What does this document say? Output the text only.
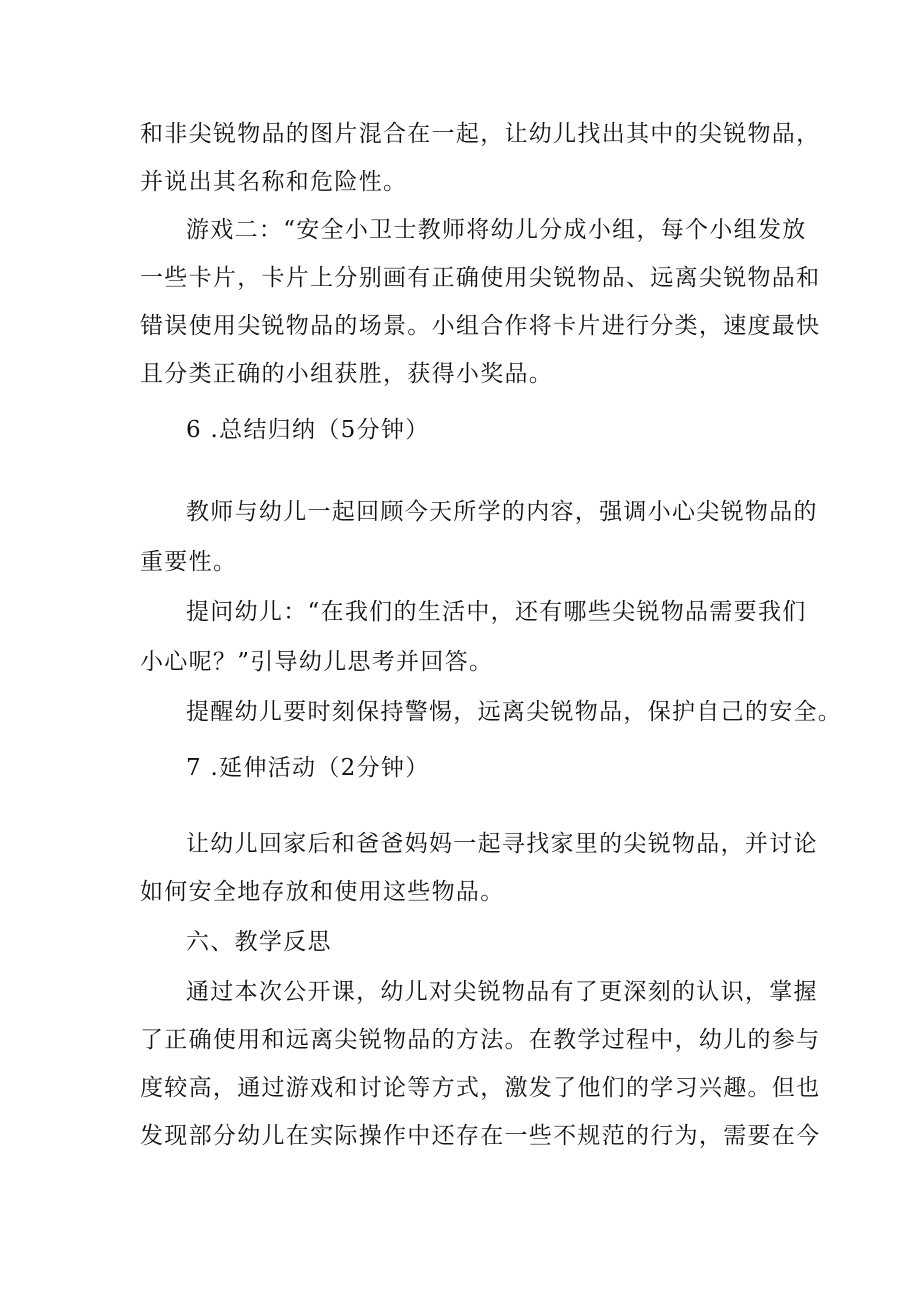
和非尖锐物品的图片混合在一起，让幼儿找出其中的尖锐物品，
并说出其名称和危险性。
游戏二：“安全小卫士教师将幼儿分成小组，每个小组发放
一些卡片，卡片上分别画有正确使用尖锐物品、远离尖锐物品和
错误使用尖锐物品的场景。小组合作将卡片进行分类，速度最快
且分类正确的小组获胜，获得小奖品。
6 .总结归纳（5分钟）
教师与幼儿一起回顾今天所学的内容，强调小心尖锐物品的
重要性。
提问幼儿：“在我们的生活中，还有哪些尖锐物品需要我们
小心呢？”引导幼儿思考并回答。
提醒幼儿要时刻保持警惕，远离尖锐物品，保护自己的安全。
7 .延伸活动（2分钟）
让幼儿回家后和爸爸妈妈一起寻找家里的尖锐物品，并讨论
如何安全地存放和使用这些物品。
六、教学反思
通过本次公开课，幼儿对尖锐物品有了更深刻的认识，掌握
了正确使用和远离尖锐物品的方法。在教学过程中，幼儿的参与
度较高，通过游戏和讨论等方式，激发了他们的学习兴趣。但也
发现部分幼儿在实际操作中还存在一些不规范的行为，需要在今
